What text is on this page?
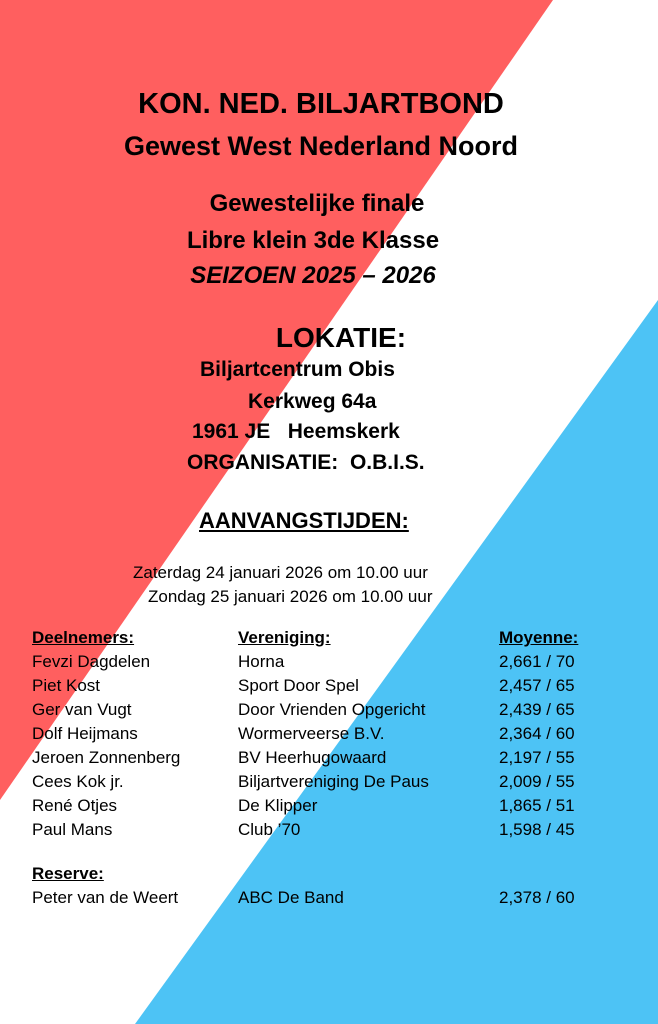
KON. NED. BILJARTBOND
Gewest West Nederland Noord
Gewestelijke finale
Libre klein 3de Klasse
SEIZOEN 2025 – 2026
LOKATIE:
Biljartcentrum Obis
Kerkweg 64a
1961 JE   Heemskerk
ORGANISATIE:  O.B.I.S.
AANVANGSTIJDEN:
Zaterdag 24 januari 2026 om 10.00 uur
Zondag 25 januari 2026 om 10.00 uur
Deelnemers:	Vereniging:	Moyenne:
Fevzi Dagdelen	Horna	2,661 / 70
Piet Kost	Sport Door Spel	2,457 / 65
Ger van Vugt	Door Vrienden Opgericht	2,439 / 65
Dolf Heijmans	Wormerveerse B.V.	2,364 / 60
Jeroen Zonnenberg	BV Heerhugowaard	2,197 / 55
Cees Kok jr.	Biljartvereniging De Paus	2,009 / 55
René Otjes	De Klipper	1,865 / 51
Paul Mans	Club ’70	1,598 / 45
Reserve:
Peter van de Weert	ABC De Band	2,378 / 60
